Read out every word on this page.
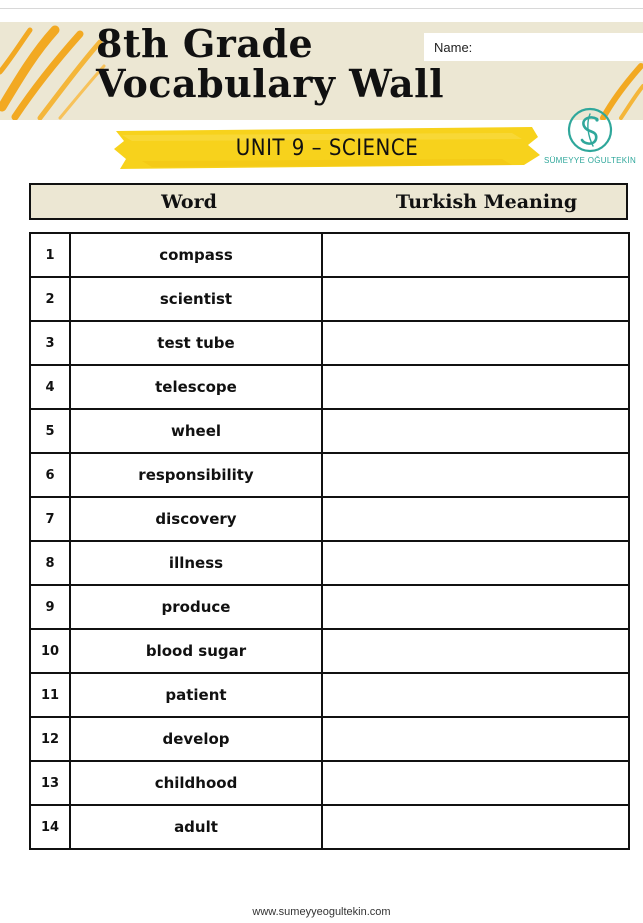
8th Grade
Vocabulary Wall
Name:
UNIT 9 – SCIENCE	SÜMEYYE OĞULTEKİN
Word	Turkish Meaning
1	compass	
2	scientist	
3	test tube	
4	telescope	
5	wheel	
6	responsibility	
7	discovery	
8	illness	
9	produce	
10	blood sugar	
11	patient	
12	develop	
13	childhood	
14	adult	
www.sumeyyeogultekin.com
